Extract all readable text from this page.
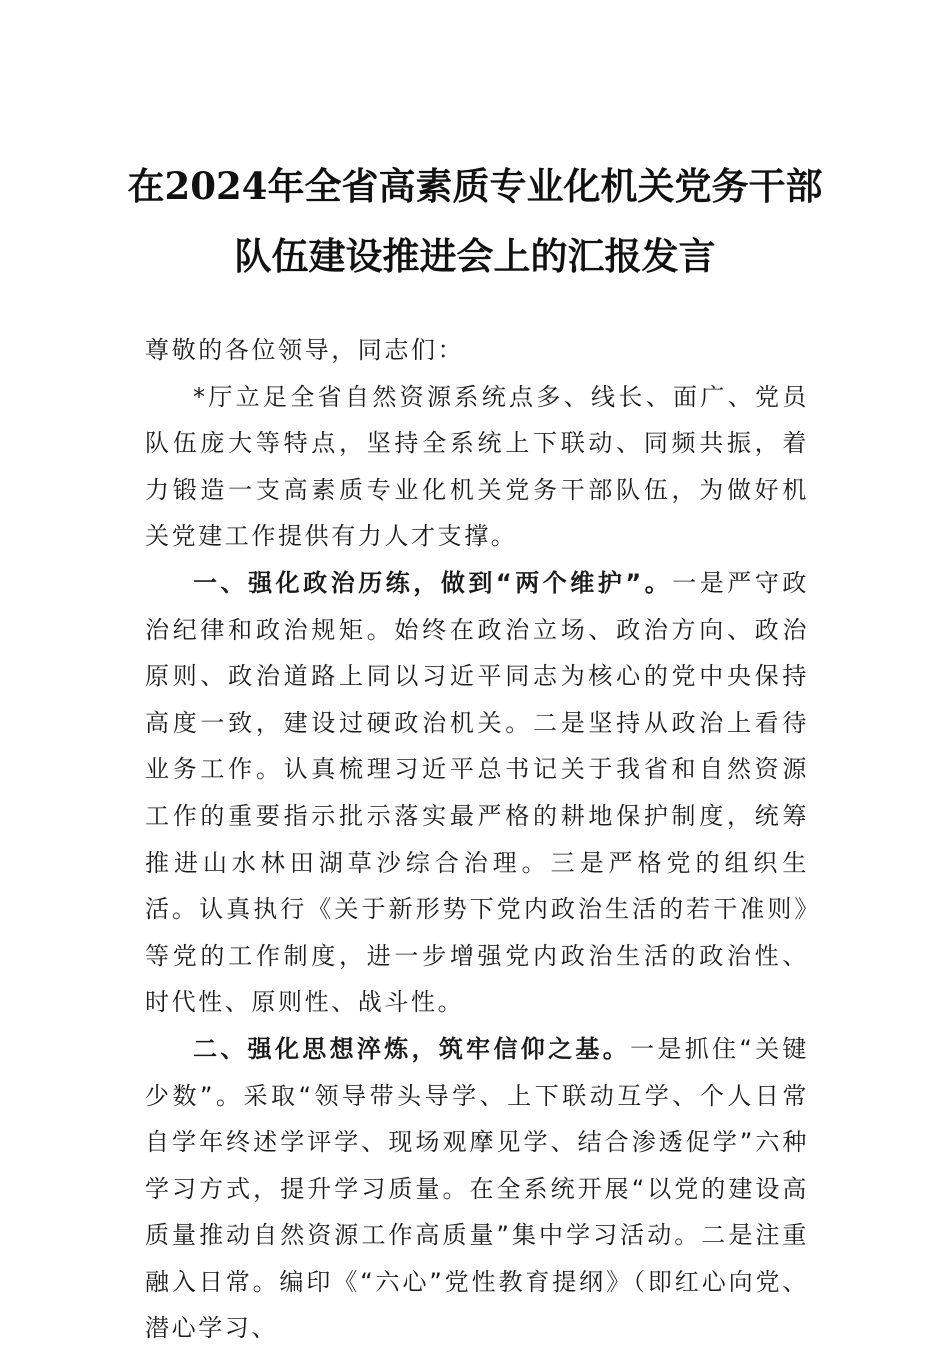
在2024年全省高素质专业化机关党务干部
队伍建设推进会上的汇报发言

尊敬的各位领导，同志们：

*厅立足全省自然资源系统点多、线长、面广、党员队伍庞大等特点，坚持全系统上下联动、同频共振，着力锻造一支高素质专业化机关党务干部队伍，为做好机关党建工作提供有力人才支撑。

一、强化政治历练，做到“两个维护”。一是严守政治纪律和政治规矩。始终在政治立场、政治方向、政治原则、政治道路上同以习近平同志为核心的党中央保持高度一致，建设过硬政治机关。二是坚持从政治上看待业务工作。认真梳理习近平总书记关于我省和自然资源工作的重要指示批示落实最严格的耕地保护制度，统筹推进山水林田湖草沙综合治理。三是严格党的组织生活。认真执行《关于新形势下党内政治生活的若干准则》等党的工作制度，进一步增强党内政治生活的政治性、时代性、原则性、战斗性。

二、强化思想淬炼，筑牢信仰之基。一是抓住“关键少数”。采取“领导带头导学、上下联动互学、个人日常自学年终述学评学、现场观摩见学、结合渗透促学”六种学习方式，提升学习质量。在全系统开展“以党的建设高质量推动自然资源工作高质量”集中学习活动。二是注重融入日常。编印《“六心”党性教育提纲》（即红心向党、潜心学习、
